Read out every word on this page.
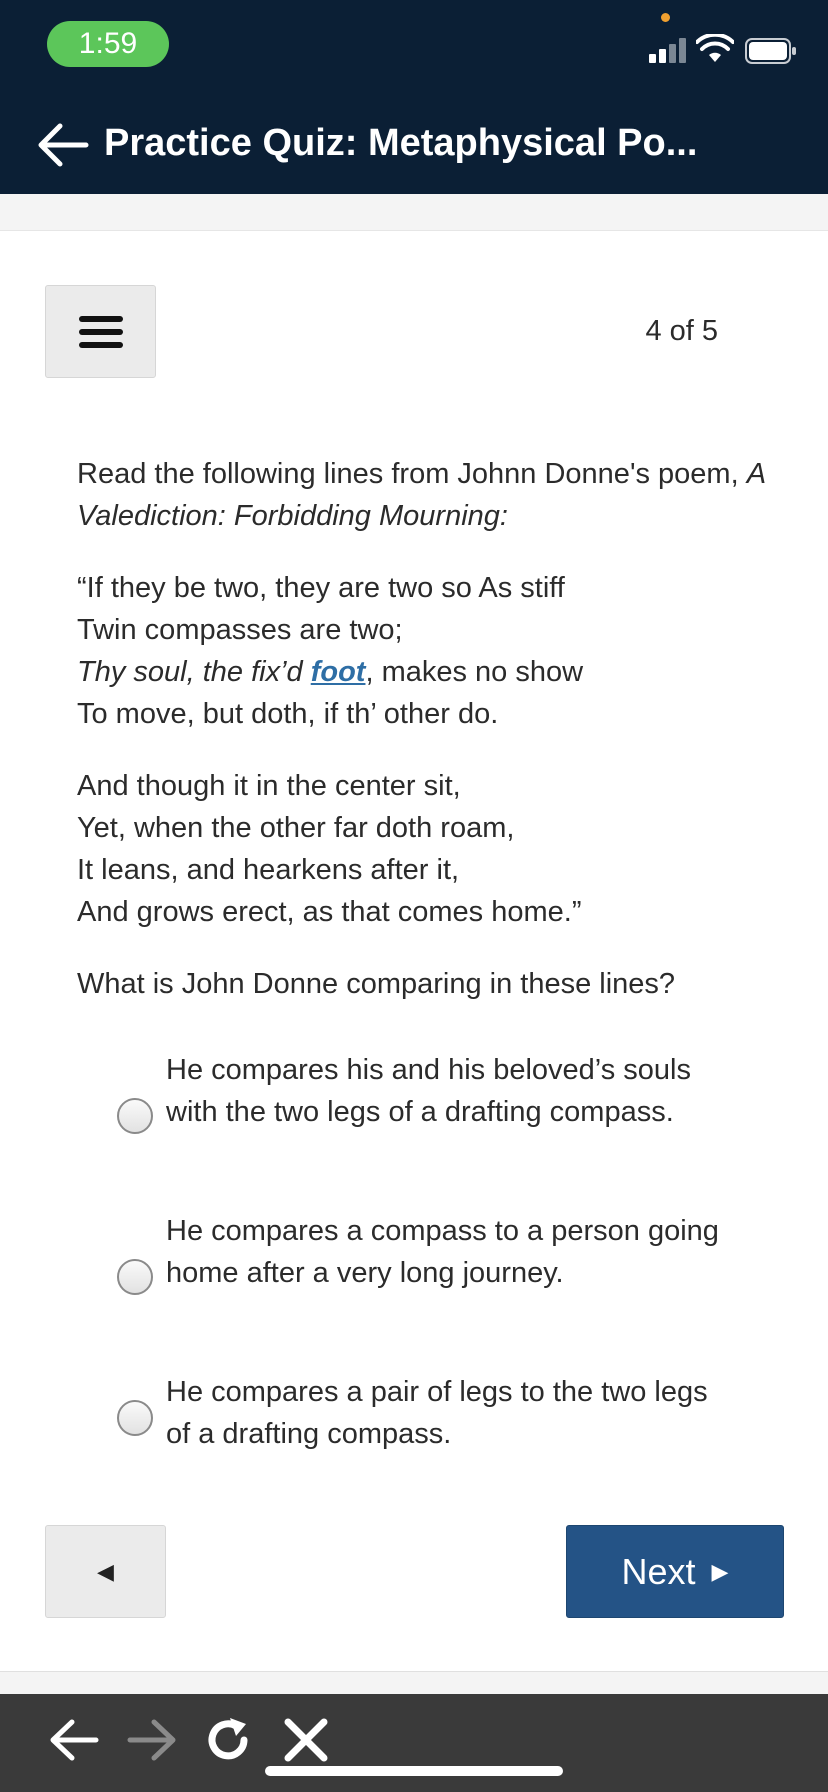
1:59
Practice Quiz: Metaphysical Po...
4 of 5

Read the following lines from Johnn Donne's poem, A Valediction: Forbidding Mourning:

“If they be two, they are two so As stiff
Twin compasses are two;
Thy soul, the fix’d foot, makes no show
To move, but doth, if th’ other do.

And though it in the center sit,
Yet, when the other far doth roam,
It leans, and hearkens after it,
And grows erect, as that comes home.”

What is John Donne comparing in these lines?

He compares his and his beloved’s souls with the two legs of a drafting compass.
He compares a compass to a person going home after a very long journey.
He compares a pair of legs to the two legs of a drafting compass.
◀	Next ▶
